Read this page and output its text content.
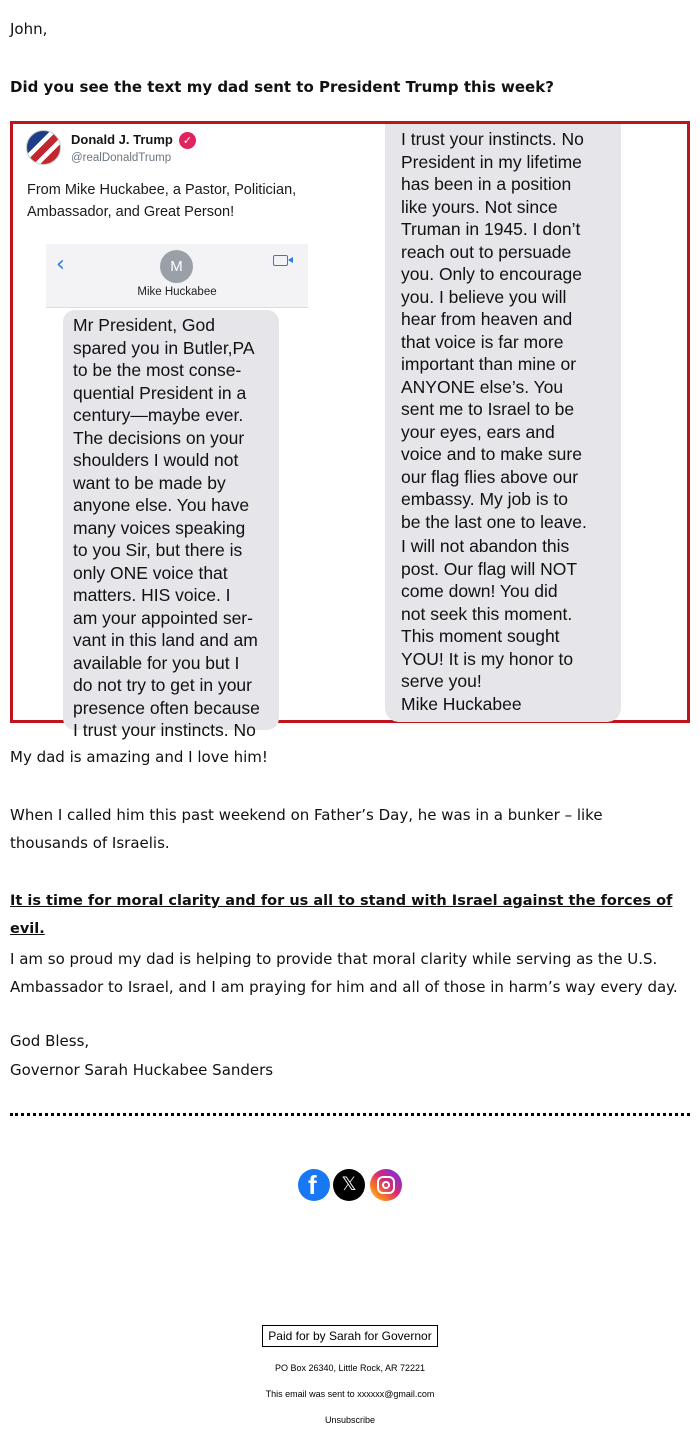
John,
Did you see the text my dad sent to President Trump this week?
Donald J. Trump ✓
@realDonaldTrump
From Mike Huckabee, a Pastor, Politician, Ambassador, and Great Person!
‹	M
Mike Huckabee
Mr President, God
spared you in Butler,PA
to be the most conse-
quential President in a
century—maybe ever.
The decisions on your
shoulders I would not
want to be made by
anyone else. You have
many voices speaking
to you Sir, but there is
only ONE voice that
matters. HIS voice. I
am your appointed ser-
vant in this land and am
available for you but I
do not try to get in your
presence often because
I trust your instincts. No
I trust your instincts. No
President in my lifetime
has been in a position
like yours. Not since
Truman in 1945. I don’t
reach out to persuade
you. Only to encourage
you. I believe you will
hear from heaven and
that voice is far more
important than mine or
ANYONE else’s. You
sent me to Israel to be
your eyes, ears and
voice and to make sure
our flag flies above our
embassy. My job is to
be the last one to leave.
I will not abandon this
post. Our flag will NOT
come down! You did
not seek this moment.
This moment sought
YOU! It is my honor to
serve you!
Mike Huckabee
My dad is amazing and I love him!
When I called him this past weekend on Father’s Day, he was in a bunker – like thousands of Israelis.
It is time for moral clarity and for us all to stand with Israel against the forces of evil.
I am so proud my dad is helping to provide that moral clarity while serving as the U.S. Ambassador to Israel, and I am praying for him and all of those in harm’s way every day.
God Bless,
Governor Sarah Huckabee Sanders
f	𝕏
Paid for by Sarah for Governor
PO Box 26340, Little Rock, AR 72221
This email was sent to xxxxxx@gmail.com
Unsubscribe
